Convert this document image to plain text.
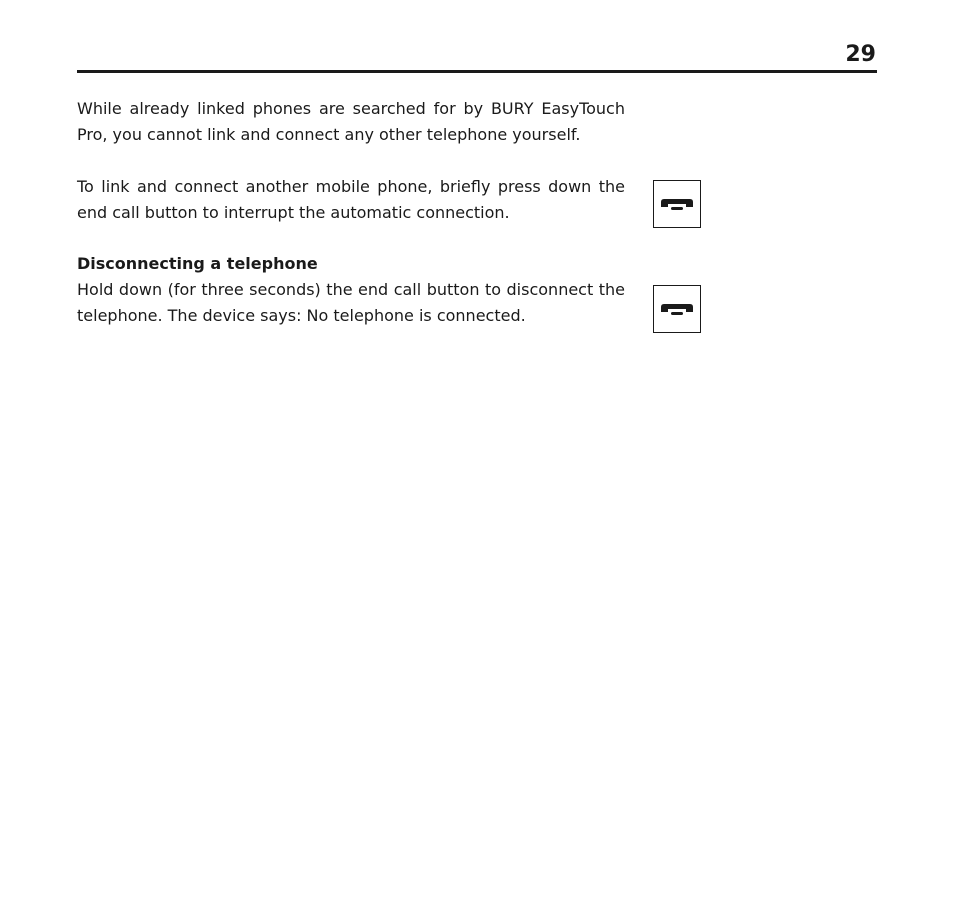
29

While already linked phones are searched for by BURY EasyTouch Pro, you cannot link and connect any other telephone yourself.

To link and connect another mobile phone, briefly press down the end call button to interrupt the automatic connection.

Disconnecting a telephone

Hold down (for three seconds) the end call button to disconnect the telephone. The device says: No telephone is connected.
